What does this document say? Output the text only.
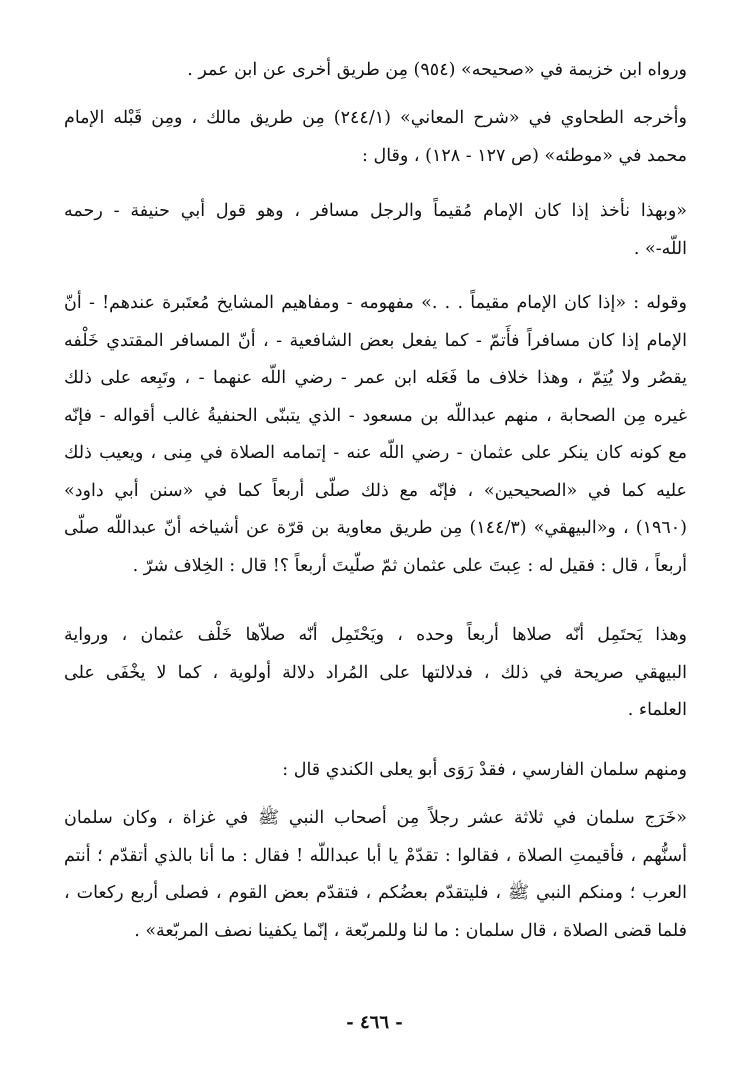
ورواه ابن خزيمة في «صحيحه» (٩٥٤) مِن طريق أخرى عن ابن عمر .
وأخرجه الطحاوي في «شرح المعاني» (٢٤٤/١) مِن طريق مالك ، ومِن قَبْله الإمام
محمد في «موطئه» (ص ١٢٧ - ١٢٨) ، وقال :
«وبهذا نأخذ إذا كان الإمام مُقيماً والرجل مسافر ، وهو قول أبي حنيفة - رحمه
اللّه-» .
وقوله : «إذا كان الإمام مقيماً . . .» مفهومه - ومفاهيم المشايخ مُعتَبرة عندهم! - أنّ
الإمام إذا كان مسافراً فأَتمّ - كما يفعل بعض الشافعية - ، أنّ المسافر المقتدي خَلْفه
يقصُر ولا يُتِمّ ، وهذا خلاف ما فَعَله ابن عمر - رضي اللّه عنهما - ، وتَبِعه على ذلك
غيره مِن الصحابة ، منهم عبداللّه بن مسعود - الذي يتبنّى الحنفيةُ غالب أقواله - فإنّه
مع كونه كان ينكر على عثمان - رضي اللّه عنه - إتمامه الصلاة في مِنى ، ويعيب ذلك
عليه كما في «الصحيحين» ، فإنّه مع ذلك صلّى أربعاً كما في «سنن أبي داود»
(١٩٦٠) ، و«البيهقي» (١٤٤/٣) مِن طريق معاوية بن قرّة عن أشياخه أنّ عبداللّه صلّى
أربعاً ، قال : فقيل له : عِبتَ على عثمان ثمّ صلّيتَ أربعاً ؟! قال : الخِلاف شرّ .
وهذا يَحتَمِل أنّه صلاها أربعاً وحده ، ويَحْتَمِل أنّه صلاّها خَلْف عثمان ، ورواية
البيهقي صريحة في ذلك ، فدلالتها على المُراد دلالة أولوية ، كما لا يخْفَى على
العلماء .
ومنهم سلمان الفارسي ، فقدْ رَوَى أبو يعلى الكندي قال :
«خَرَج سلمان في ثلاثة عشر رجلاً مِن أصحاب النبي ﷺ في غزاة ، وكان سلمان
أسنُّهم ، فأقيمتِ الصلاة ، فقالوا : تقدّمْ يا أبا عبداللّه ! فقال : ما أنا بالذي أتقدّم ؛ أنتم
العرب ؛ ومنكم النبي ﷺ ، فليتقدّم بعضُكم ، فتقدّم بعض القوم ، فصلى أربع ركعات ،
فلما قضى الصلاة ، قال سلمان : ما لنا وللمربّعة ، إنّما يكفينا نصف المربّعة» .
- ٤٦٦ -
